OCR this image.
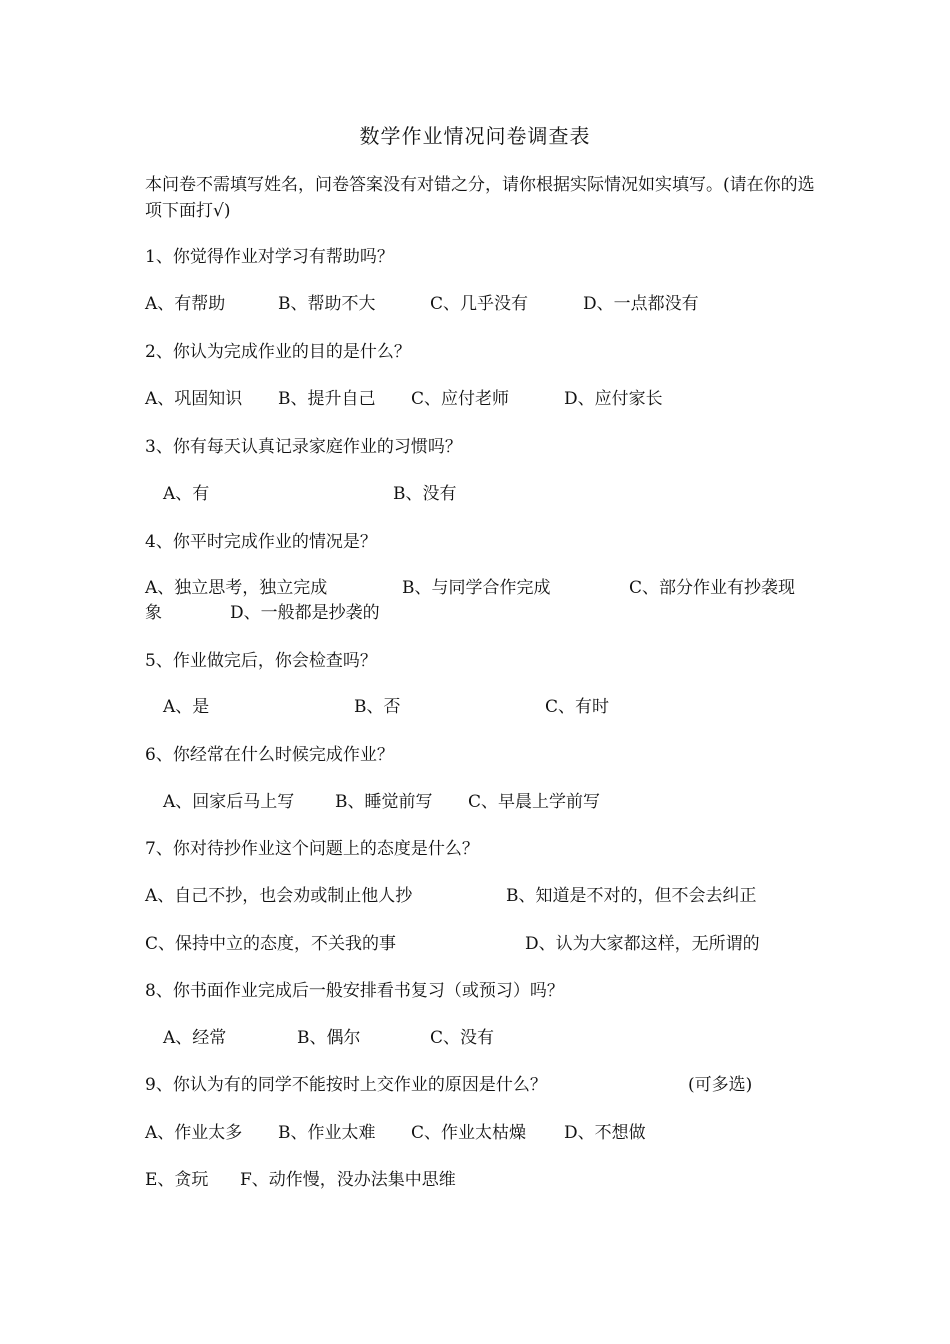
数学作业情况问卷调查表
本问卷不需填写姓名，问卷答案没有对错之分，请你根据实际情况如实填写。(请在你的选项下面打√)
1、你觉得作业对学习有帮助吗？
A、有帮助	B、帮助不大	C、几乎没有	D、一点都没有
2、你认为完成作业的目的是什么？
A、巩固知识 B、提升自己 C、应付老师	D、应付家长
3、你有每天认真记录家庭作业的习惯吗？
A、有	B、没有
4、你平时完成作业的情况是？
A、独立思考，独立完成	B、与同学合作完成	C、部分作业有抄袭现
象	D、一般都是抄袭的
5、作业做完后，你会检查吗？
A、是	B、否	C、有时
6、你经常在什么时候完成作业？
A、回家后马上写 B、睡觉前写 C、早晨上学前写
7、你对待抄作业这个问题上的态度是什么？
A、自己不抄，也会劝或制止他人抄	B、知道是不对的，但不会去纠正
C、保持中立的态度，不关我的事	D、认为大家都这样，无所谓的
8、你书面作业完成后一般安排看书复习（或预习）吗？
A、经常	B、偶尔	C、没有
9、你认为有的同学不能按时上交作业的原因是什么？	(可多选)
A、作业太多 B、作业太难 C、作业太枯燥 D、不想做
E、贪玩 F、动作慢，没办法集中思维
